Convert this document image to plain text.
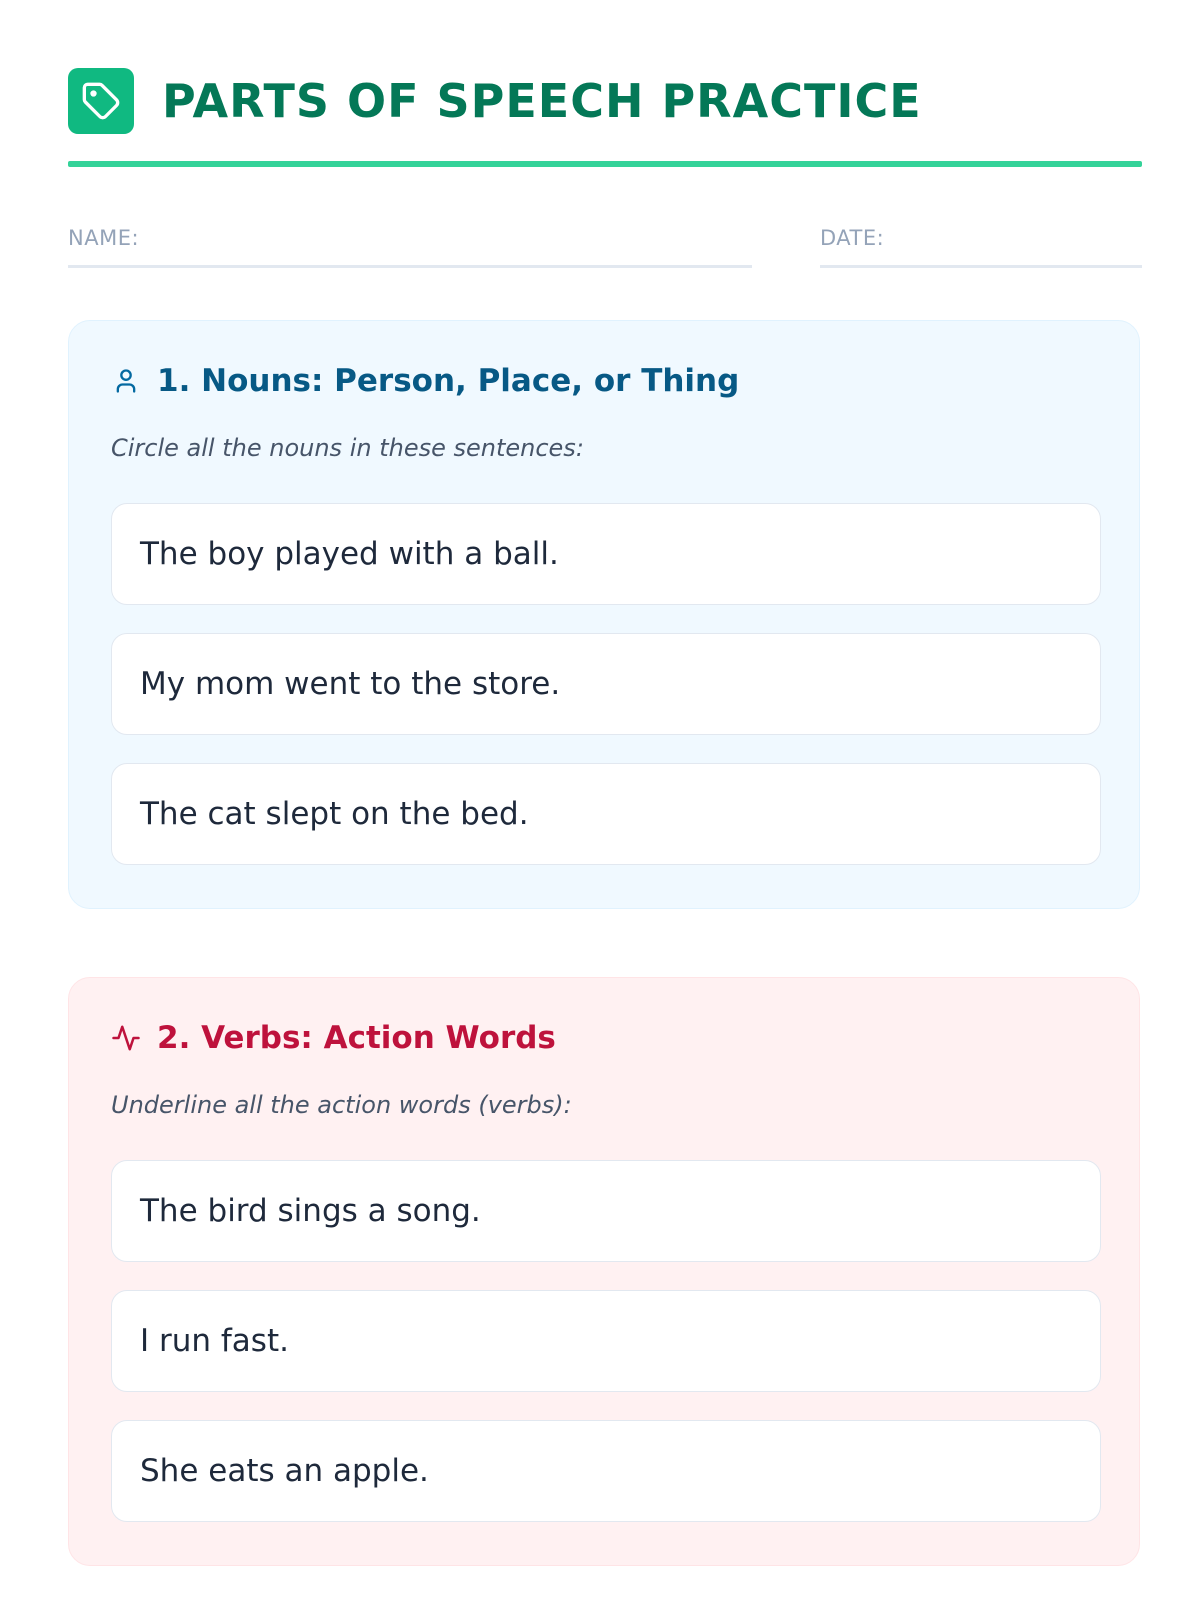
PARTS OF SPEECH PRACTICE
NAME:	DATE:
1. Nouns: Person, Place, or Thing
Circle all the nouns in these sentences:
The boy played with a ball.
My mom went to the store.
The cat slept on the bed.
2. Verbs: Action Words
Underline all the action words (verbs):
The bird sings a song.
I run fast.
She eats an apple.
